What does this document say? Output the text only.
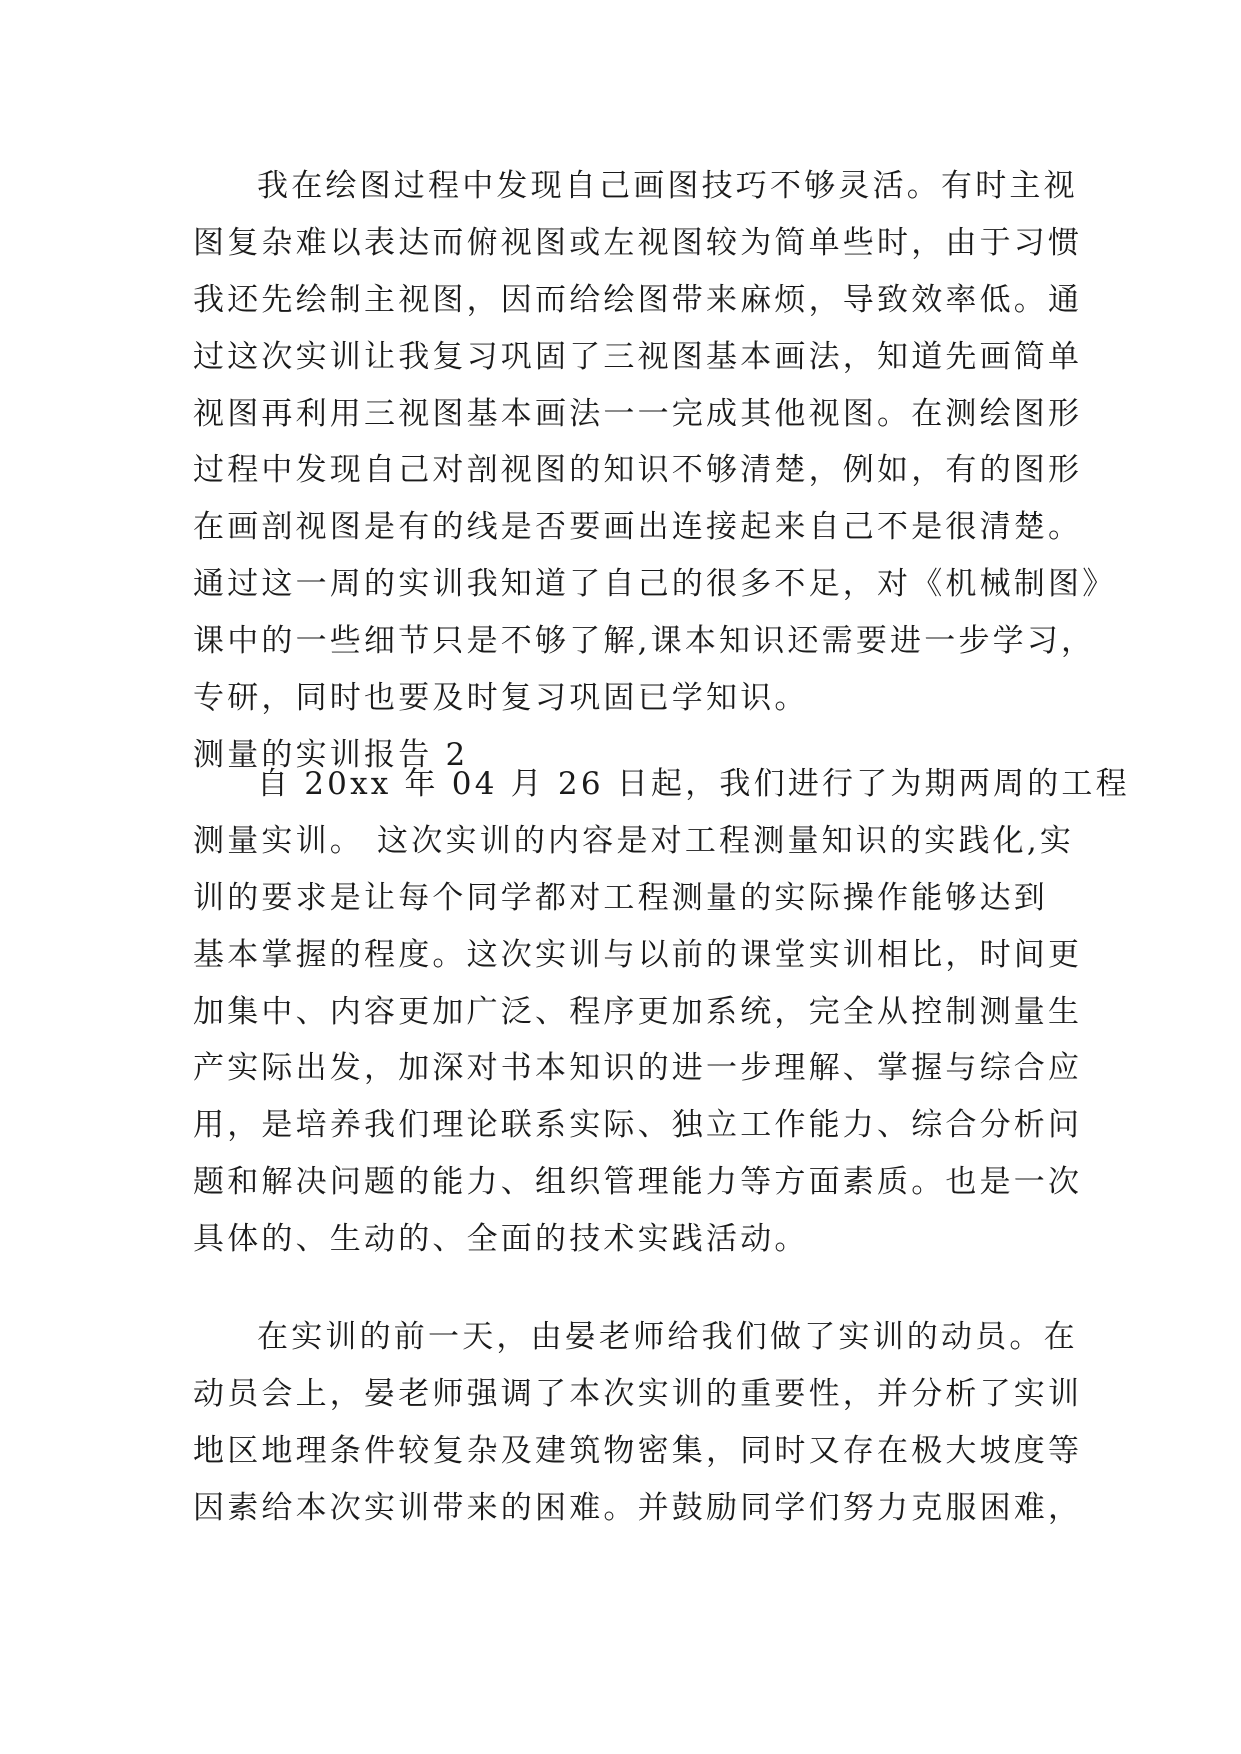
我在绘图过程中发现自己画图技巧不够灵活。有时主视
图复杂难以表达而俯视图或左视图较为简单些时，由于习惯
我还先绘制主视图，因而给绘图带来麻烦，导致效率低。通
过这次实训让我复习巩固了三视图基本画法，知道先画简单
视图再利用三视图基本画法一一完成其他视图。在测绘图形
过程中发现自己对剖视图的知识不够清楚，例如，有的图形
在画剖视图是有的线是否要画出连接起来自己不是很清楚。
通过这一周的实训我知道了自己的很多不足，对《机械制图》
课中的一些细节只是不够了解,课本知识还需要进一步学习，
专研，同时也要及时复习巩固已学知识。
测量的实训报告 2
自 20xx 年 04 月 26 日起，我们进行了为期两周的工程
测量实训。 这次实训的内容是对工程测量知识的实践化,实
训的要求是让每个同学都对工程测量的实际操作能够达到
基本掌握的程度。这次实训与以前的课堂实训相比，时间更
加集中、内容更加广泛、程序更加系统，完全从控制测量生
产实际出发，加深对书本知识的进一步理解、掌握与综合应
用，是培养我们理论联系实际、独立工作能力、综合分析问
题和解决问题的能力、组织管理能力等方面素质。也是一次
具体的、生动的、全面的技术实践活动。
在实训的前一天，由晏老师给我们做了实训的动员。在
动员会上，晏老师强调了本次实训的重要性，并分析了实训
地区地理条件较复杂及建筑物密集，同时又存在极大坡度等
因素给本次实训带来的困难。并鼓励同学们努力克服困难，
